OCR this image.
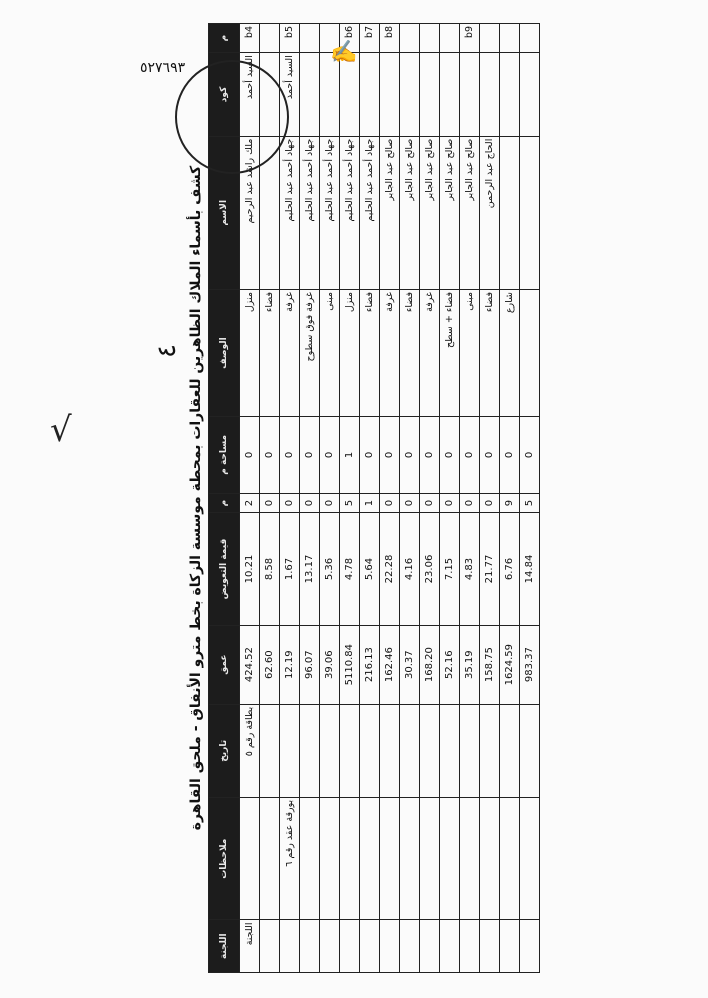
٤ كشف بأسماء الملاك الظاهرين للعقارات بمحطة موسسة الزكاة بخط مترو الأنفاق - ملحق القاهرة
اللجنة	ملاحظات	تاريخ	عمق	قيمة التعويض	م	مساحة م	الوصف	الاسم	كود	م
اللجنة		بطاقة رقم ٥	424.52	10.21	2	0	منزل	ملك راشد عبد الرحيم	السيد أحمد	b4
			62.60	8.58	0	0	فضاء			
	بورقة عقد رقم ٦		12.19	1.67	0	0	غرفة	جهاد أحمد عبد الحليم	السيد أحمد	b5
			96.07	13.17	0	0	غرفة فوق سطوح	جهاد أحمد عبد الحليم		
			39.06	5.36	0	0	مبنى	جهاد أحمد عبد الحليم		
			5110.84	4.78	5	1	منزل	جهاد أحمد عبد الحليم		b6
			216.13	5.64	1	0	فضاء	جهاد أحمد عبد الحليم		b7
			162.46	22.28	0	0	غرفة	صالح عبد الجابر		b8
			30.37	4.16	0	0	فضاء	صالح عبد الجابر		
			168.20	23.06	0	0	غرفة	صالح عبد الجابر		
			52.16	7.15	0	0	فضاء + سطح	صالح عبد الجابر		
			35.19	4.83	0	0	مبنى	صالح عبد الجابر		b9
			158.75	21.77	0	0	فضاء	الحاج عبد الرحمن		
			1624.59	6.76	9	0	شارع			
			983.37	14.84	5	0				
✍
√
٥٢٧٦٩٣
